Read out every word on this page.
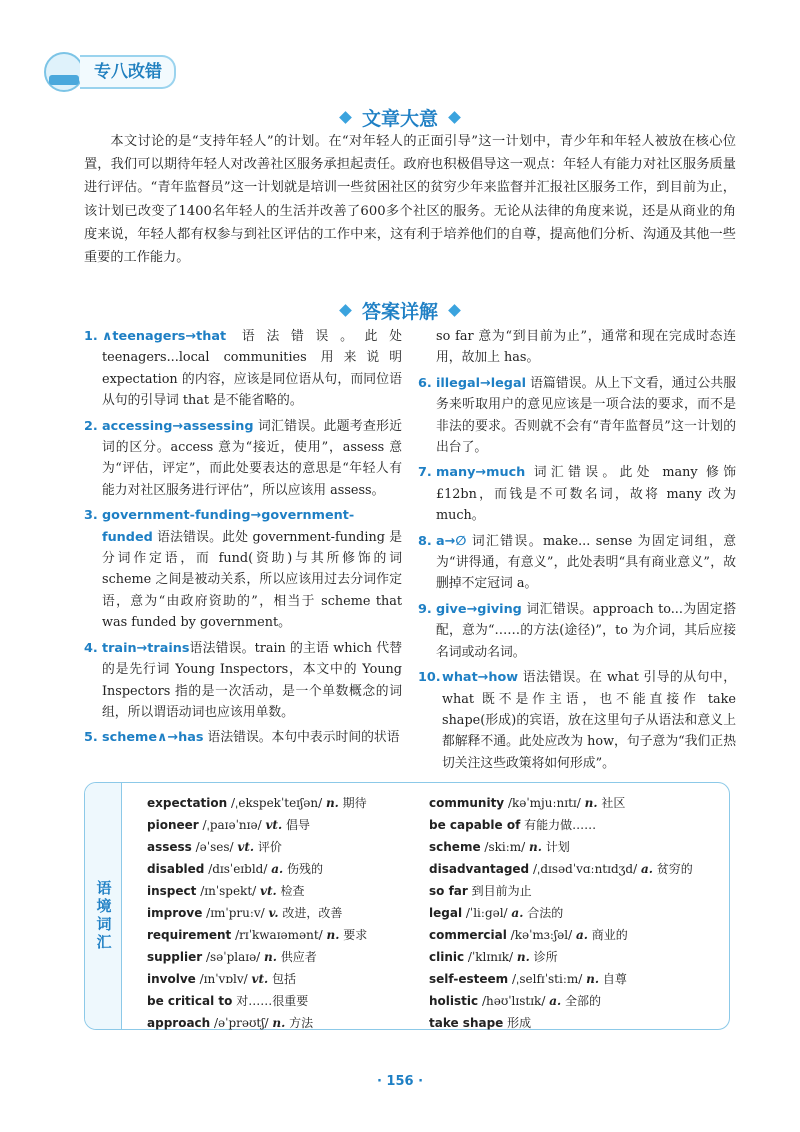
专八改错
文章大意
本文讨论的是“支持年轻人”的计划。在“对年轻人的正面引导”这一计划中，青少年和年轻人被放在核心位置，我们可以期待年轻人对改善社区服务承担起责任。政府也积极倡导这一观点：年轻人有能力对社区服务质量进行评估。“青年监督员”这一计划就是培训一些贫困社区的贫穷少年来监督并汇报社区服务工作，到目前为止，该计划已改变了1400名年轻人的生活并改善了600多个社区的服务。无论从法律的角度来说，还是从商业的角度来说，年轻人都有权参与到社区评估的工作中来，这有利于培养他们的自尊，提高他们分析、沟通及其他一些重要的工作能力。
答案详解
1. ∧teenagers→that 语法错误。此处 teenagers...local communities 用来说明 expectation 的内容，应该是同位语从句，而同位语从句的引导词 that 是不能省略的。
2. accessing→assessing 词汇错误。此题考查形近词的区分。access 意为“接近，使用”，assess 意为“评估，评定”，而此处要表达的意思是“年轻人有能力对社区服务进行评估”，所以应该用 assess。
3. government-funding→government-funded 语法错误。此处 government-funding 是分词作定语，而 fund(资助)与其所修饰的词 scheme 之间是被动关系，所以应该用过去分词作定语，意为“由政府资助的”，相当于 scheme that was funded by government。
4. train→trains语法错误。train 的主语 which 代替的是先行词 Young Inspectors，本文中的 Young Inspectors 指的是一次活动，是一个单数概念的词组，所以谓语动词也应该用单数。
5. scheme∧→has 语法错误。本句中表示时间的状语
so far 意为“到目前为止”，通常和现在完成时态连用，故加上 has。
6. illegal→legal 语篇错误。从上下文看，通过公共服务来听取用户的意见应该是一项合法的要求，而不是非法的要求。否则就不会有“青年监督员”这一计划的出台了。
7. many→much 词汇错误。此处 many 修饰£12bn，而钱是不可数名词，故将 many 改为much。
8. a→∅ 词汇错误。make... sense 为固定词组，意为“讲得通，有意义”，此处表明“具有商业意义”，故删掉不定冠词 a。
9. give→giving 词汇错误。approach to...为固定搭配，意为“……的方法(途径)”，to 为介词，其后应接名词或动名词。
10. what→how 语法错误。在 what 引导的从句中，what 既不是作主语，也不能直接作 take shape(形成)的宾语，放在这里句子从语法和意义上都解释不通。此处应改为 how，句子意为“我们正热切关注这些政策将如何形成”。
语境词汇
expectation /ˌekspekˈteɪʃən/ n. 期待
pioneer /ˌpaɪəˈnɪə/ vt. 倡导
assess /əˈses/ vt. 评价
disabled /dɪsˈeɪbld/ a. 伤残的
inspect /ɪnˈspekt/ vt. 检查
improve /ɪmˈpruːv/ v. 改进，改善
requirement /rɪˈkwaɪəmənt/ n. 要求
supplier /səˈplaɪə/ n. 供应者
involve /ɪnˈvɒlv/ vt. 包括
be critical to 对……很重要
approach /əˈprəʊtʃ/ n. 方法
community /kəˈmjuːnɪtɪ/ n. 社区
be capable of 有能力做……
scheme /skiːm/ n. 计划
disadvantaged /ˌdɪsədˈvɑːntɪdʒd/ a. 贫穷的
so far 到目前为止
legal /ˈliːgəl/ a. 合法的
commercial /kəˈmɜːʃəl/ a. 商业的
clinic /ˈklɪnɪk/ n. 诊所
self-esteem /ˌselfɪˈstiːm/ n. 自尊
holistic /həʊˈlɪstɪk/ a. 全部的
take shape 形成
· 156 ·
